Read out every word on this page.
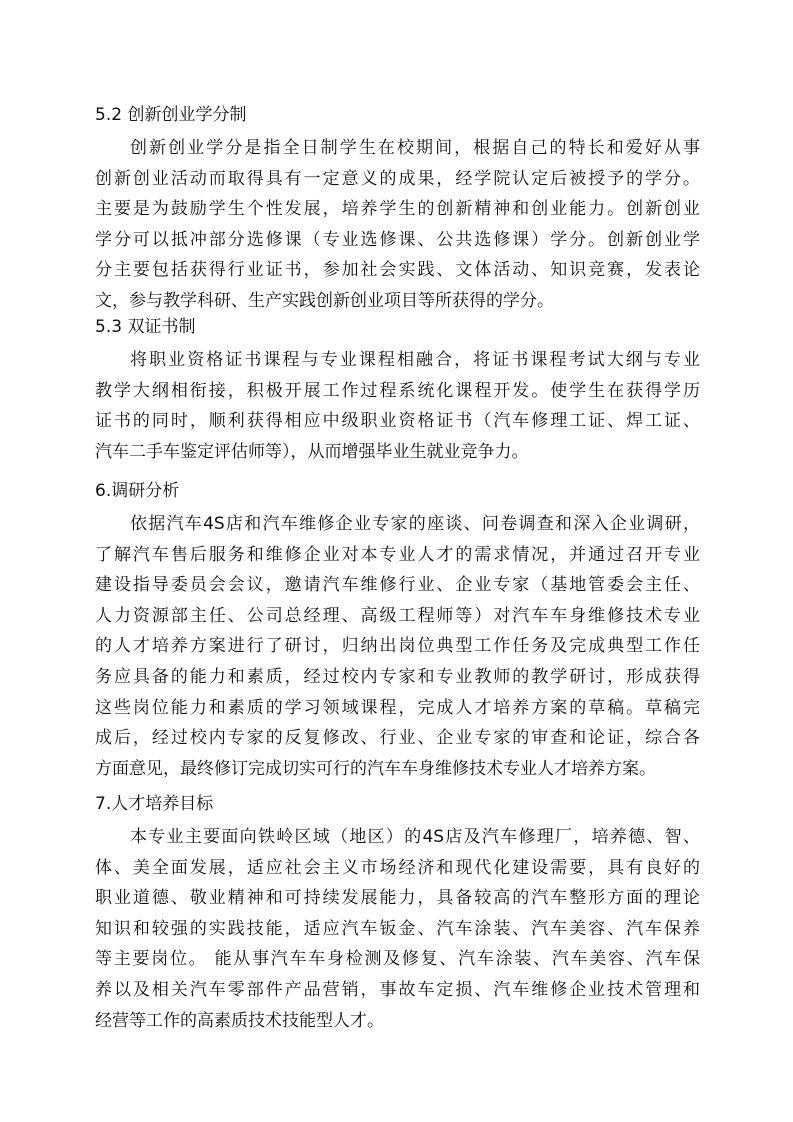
5.2 创新创业学分制
创新创业学分是指全日制学生在校期间，根据自己的特长和爱好从事
创新创业活动而取得具有一定意义的成果，经学院认定后被授予的学分。
主要是为鼓励学生个性发展，培养学生的创新精神和创业能力。创新创业
学分可以抵冲部分选修课（专业选修课、公共选修课）学分。创新创业学
分主要包括获得行业证书，参加社会实践、文体活动、知识竞赛，发表论
文，参与教学科研、生产实践创新创业项目等所获得的学分。
5.3 双证书制
将职业资格证书课程与专业课程相融合，将证书课程考试大纲与专业
教学大纲相衔接，积极开展工作过程系统化课程开发。使学生在获得学历
证书的同时，顺利获得相应中级职业资格证书（汽车修理工证、焊工证、
汽车二手车鉴定评估师等），从而增强毕业生就业竞争力。
6.调研分析
依据汽车4S店和汽车维修企业专家的座谈、问卷调查和深入企业调研，
了解汽车售后服务和维修企业对本专业人才的需求情况，并通过召开专业
建设指导委员会会议，邀请汽车维修行业、企业专家（基地管委会主任、
人力资源部主任、公司总经理、高级工程师等）对汽车车身维修技术专业
的人才培养方案进行了研讨，归纳出岗位典型工作任务及完成典型工作任
务应具备的能力和素质，经过校内专家和专业教师的教学研讨，形成获得
这些岗位能力和素质的学习领域课程，完成人才培养方案的草稿。草稿完
成后，经过校内专家的反复修改、行业、企业专家的审查和论证，综合各
方面意见，最终修订完成切实可行的汽车车身维修技术专业人才培养方案。
7.人才培养目标
本专业主要面向铁岭区域（地区）的4S店及汽车修理厂，培养德、智、
体、美全面发展，适应社会主义市场经济和现代化建设需要，具有良好的
职业道德、敬业精神和可持续发展能力，具备较高的汽车整形方面的理论
知识和较强的实践技能，适应汽车钣金、汽车涂装、汽车美容、汽车保养
等主要岗位。 能从事汽车车身检测及修复、汽车涂装、汽车美容、汽车保
养以及相关汽车零部件产品营销，事故车定损、汽车维修企业技术管理和
经营等工作的高素质技术技能型人才。
